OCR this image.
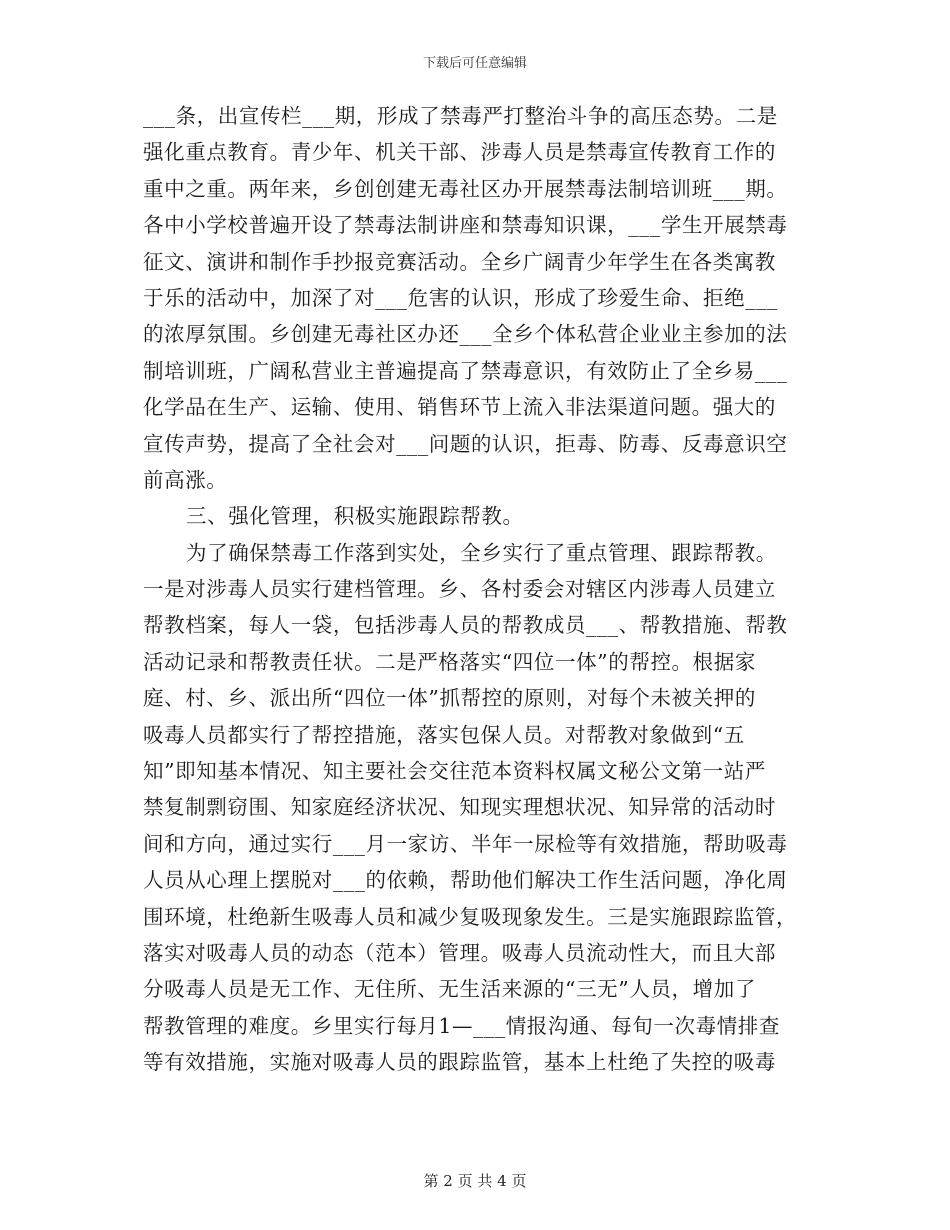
下载后可任意编辑
___条，出宣传栏___期，形成了禁毒严打整治斗争的高压态势。二是
强化重点教育。青少年、机关干部、涉毒人员是禁毒宣传教育工作的
重中之重。两年来，乡创创建无毒社区办开展禁毒法制培训班___期。
各中小学校普遍开设了禁毒法制讲座和禁毒知识课，___学生开展禁毒
征文、演讲和制作手抄报竞赛活动。全乡广阔青少年学生在各类寓教
于乐的活动中，加深了对___危害的认识，形成了珍爱生命、拒绝___
的浓厚氛围。乡创建无毒社区办还___全乡个体私营企业业主参加的法
制培训班，广阔私营业主普遍提高了禁毒意识，有效防止了全乡易___
化学品在生产、运输、使用、销售环节上流入非法渠道问题。强大的
宣传声势，提高了全社会对___问题的认识，拒毒、防毒、反毒意识空
前高涨。
三、强化管理，积极实施跟踪帮教。
为了确保禁毒工作落到实处，全乡实行了重点管理、跟踪帮教。
一是对涉毒人员实行建档管理。乡、各村委会对辖区内涉毒人员建立
帮教档案，每人一袋，包括涉毒人员的帮教成员___、帮教措施、帮教
活动记录和帮教责任状。二是严格落实“四位一体”的帮控。根据家
庭、村、乡、派出所“四位一体”抓帮控的原则，对每个未被关押的
吸毒人员都实行了帮控措施，落实包保人员。对帮教对象做到“五
知”即知基本情况、知主要社会交往范本资料权属文秘公文第一站严
禁复制剽窃围、知家庭经济状况、知现实理想状况、知异常的活动时
间和方向，通过实行___月一家访、半年一尿检等有效措施，帮助吸毒
人员从心理上摆脱对___的依赖，帮助他们解决工作生活问题，净化周
围环境，杜绝新生吸毒人员和减少复吸现象发生。三是实施跟踪监管，
落实对吸毒人员的动态（范本）管理。吸毒人员流动性大，而且大部
分吸毒人员是无工作、无住所、无生活来源的“三无”人员，增加了
帮教管理的难度。乡里实行每月1—___情报沟通、每旬一次毒情排查
等有效措施，实施对吸毒人员的跟踪监管，基本上杜绝了失控的吸毒
第 2 页 共 4 页
